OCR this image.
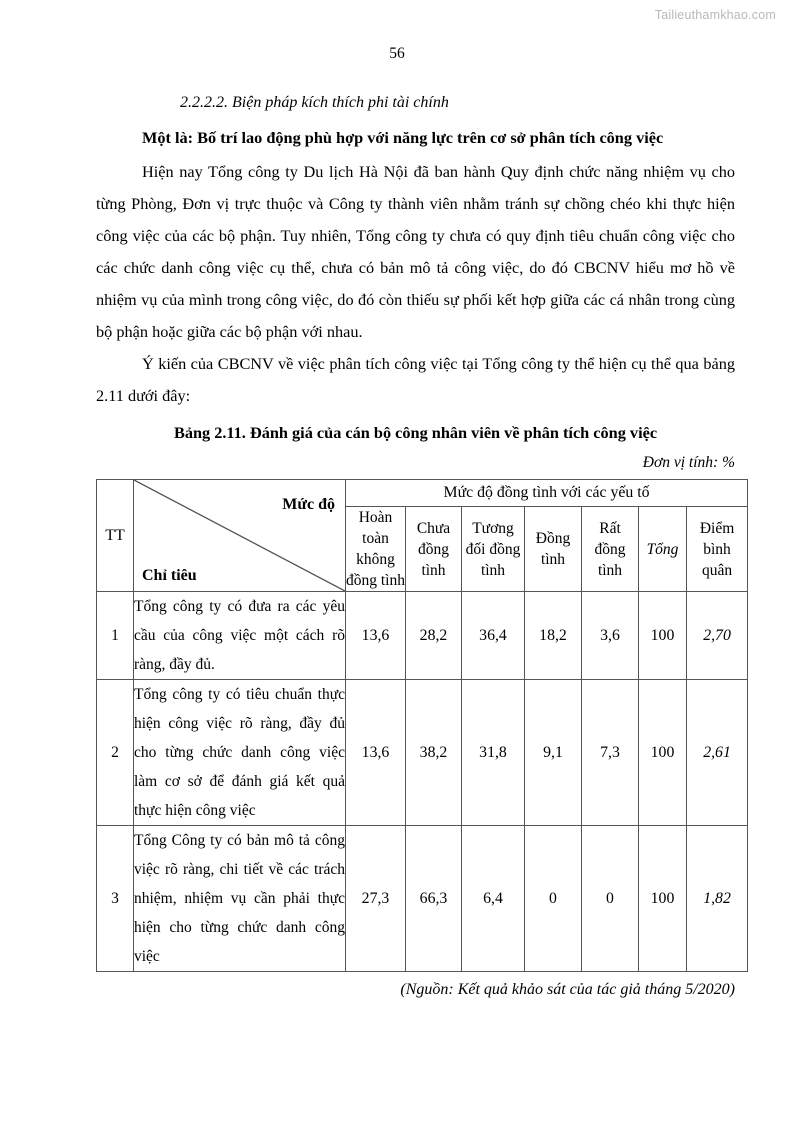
Tailieuthamkhao.com
56

2.2.2.2. Biện pháp kích thích phi tài chính

Một là: Bố trí lao động phù hợp với năng lực trên cơ sở phân tích công việc

Hiện nay Tổng công ty Du lịch Hà Nội đã ban hành Quy định chức năng nhiệm vụ cho từng Phòng, Đơn vị trực thuộc và Công ty thành viên nhằm tránh sự chồng chéo khi thực hiện công việc của các bộ phận. Tuy nhiên, Tổng công ty chưa có quy định tiêu chuẩn công việc cho các chức danh công việc cụ thể, chưa có bản mô tả công việc, do đó CBCNV hiểu mơ hồ về nhiệm vụ của mình trong công việc, do đó còn thiếu sự phối kết hợp giữa các cá nhân trong cùng bộ phận hoặc giữa các bộ phận với nhau.

Ý kiến của CBCNV về việc phân tích công việc tại Tổng công ty thể hiện cụ thể qua bảng 2.11 dưới đây:

Bảng 2.11. Đánh giá của cán bộ công nhân viên về phân tích công việc

Đơn vị tính: %

TT	Mức độ
Chỉ tiêu	Mức độ đồng tình với các yếu tố						
		Hoàn toàn không đồng tình	Chưa đồng tình	Tương đối đồng tình	Đồng tình	Rất đồng tình	Tổng	Điểm bình quân
1	Tổng công ty có đưa ra các yêu cầu của công việc một cách rõ ràng, đầy đủ.	13,6	28,2	36,4	18,2	3,6	100	2,70
2	Tổng công ty có tiêu chuẩn thực hiện công việc rõ ràng, đầy đủ cho từng chức danh công việc làm cơ sở để đánh giá kết quả thực hiện công việc	13,6	38,2	31,8	9,1	7,3	100	2,61
3	Tổng Công ty có bản mô tả công việc rõ ràng, chi tiết về các trách nhiệm, nhiệm vụ cần phải thực hiện cho từng chức danh công việc	27,3	66,3	6,4	0	0	100	1,82

(Nguồn: Kết quả khảo sát của tác giả tháng 5/2020)
